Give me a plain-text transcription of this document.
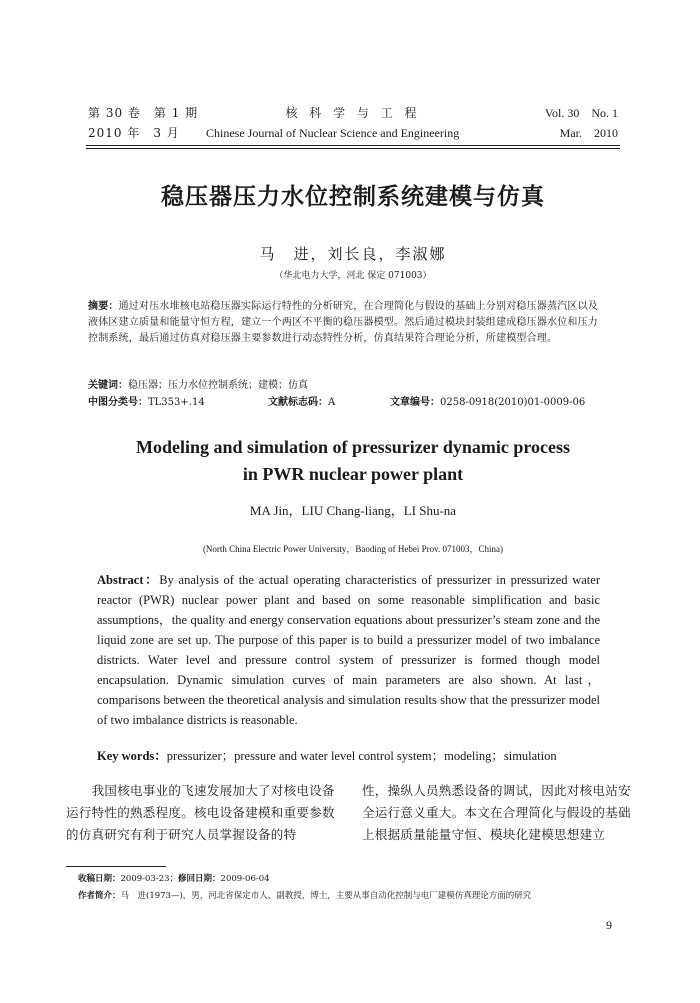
第 30 卷　第 1 期	核 科 学 与 工 程	Vol. 30　No. 1
2010 年　3 月 Chinese Journal of Nuclear Science and Engineering	Mar.　2010
稳压器压力水位控制系统建模与仿真
马　进，刘长良，李淑娜
（华北电力大学，河北 保定 071003）
摘要：通过对压水堆核电站稳压器实际运行特性的分析研究，在合理简化与假设的基础上分别对稳压器蒸汽区以及液体区建立质量和能量守恒方程，建立一个两区不平衡的稳压器模型。然后通过模块封装组建成稳压器水位和压力控制系统，最后通过仿真对稳压器主要参数进行动态特性分析，仿真结果符合理论分析，所建模型合理。
关键词：稳压器；压力水位控制系统；建模；仿真
中图分类号：TL353+.14	文献标志码：A	文章编号：0258-0918(2010)01-0009-06
Modeling and simulation of pressurizer dynamic process
in PWR nuclear power plant
MA Jin，LIU Chang-liang，LI Shu-na
(North China Electric Power University，Baoding of Hebei Prov. 071003，China)
Abstract：By analysis of the actual operating characteristics of pressurizer in pressurized water reactor (PWR) nuclear power plant and based on some reasonable simplification and basic assumptions，the quality and energy conservation equations about pressurizer’s steam zone and the liquid zone are set up. The purpose of this paper is to build a pressurizer model of two imbalance districts. Water level and pressure control system of pressurizer is formed though model encapsulation. Dynamic simulation curves of main parameters are also shown. At last，comparisons between the theoretical analysis and simulation results show that the pressurizer model of two imbalance districts is reasonable.
Key words：pressurizer；pressure and water level control system；modeling；simulation
　　我国核电事业的飞速发展加大了对核电设备运行特性的熟悉程度。核电设备建模和重要参数的仿真研究有利于研究人员掌握设备的特
性，操纵人员熟悉设备的调试，因此对核电站安全运行意义重大。本文在合理简化与假设的基础上根据质量能量守恒、模块化建模思想建立
收稿日期：2009-03-23；修回日期：2009-06-04
作者简介：马　进(1973—)，男，河北省保定市人，副教授，博士，主要从事自动化控制与电厂建模仿真理论方面的研究
9
